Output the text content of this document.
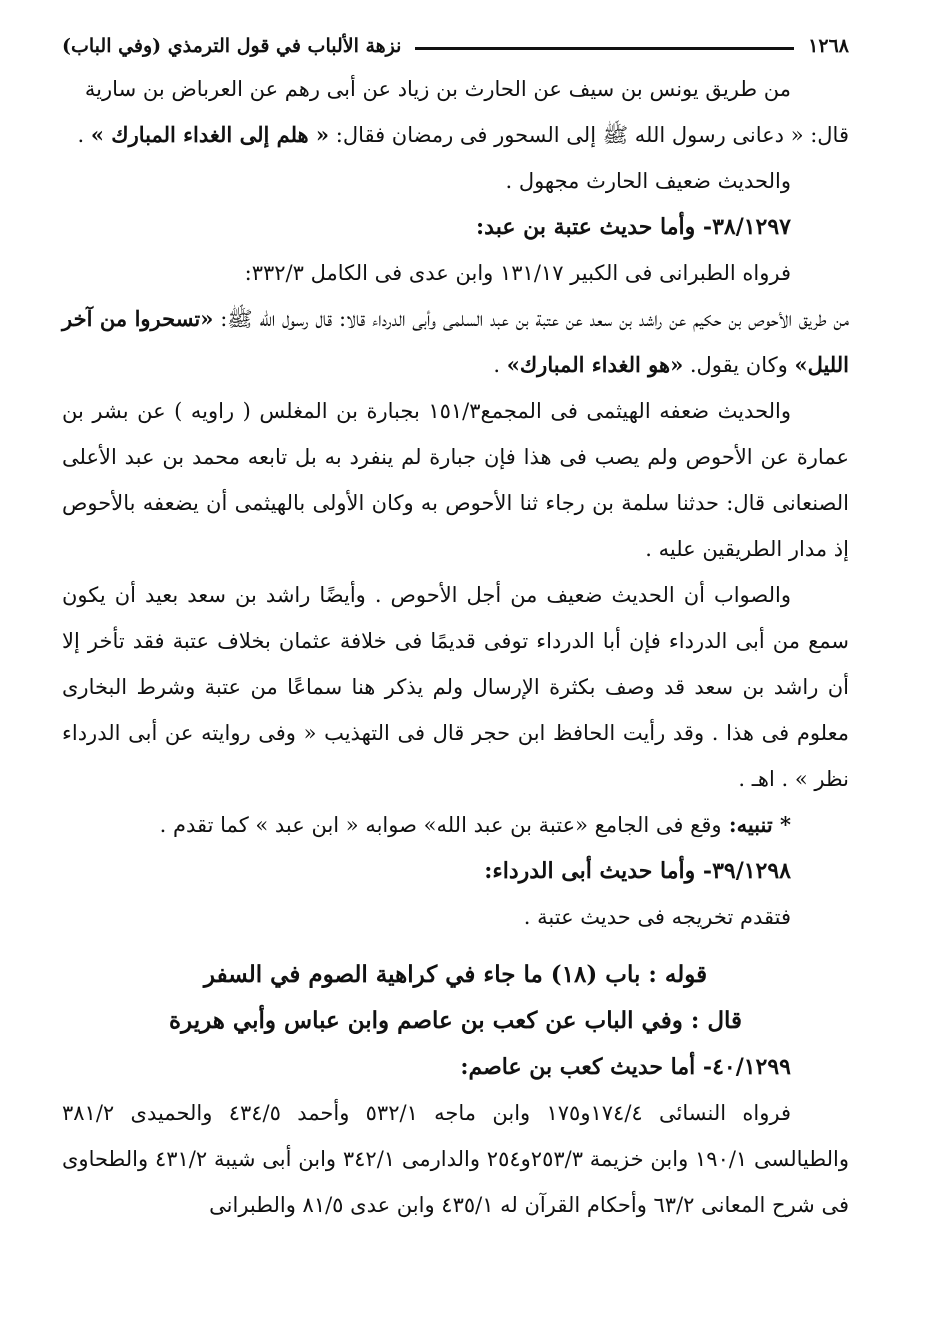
١٢٦٨
نزهة الألباب في قول الترمذي (وفي الباب)

من طريق يونس بن سيف عن الحارث بن زياد عن أبى رهم عن العرباض بن سارية

قال: « دعانى رسول الله ﷺ إلى السحور فى رمضان فقال: « هلم إلى الغداء المبارك » .

والحديث ضعيف الحارث مجهول .

٣٨/١٢٩٧- وأما حديث عتبة بن عبد:

فرواه الطبرانى فى الكبير ١٣١/١٧ وابن عدى فى الكامل ٣٣٢/٣:

من طريق الأحوص بن حكيم عن راشد بن سعد عن عتبة بن عبد السلمى وأبى الدرداء قالا: قال رسول الله ﷺ: «تسحروا من آخر الليل» وكان يقول. «هو الغداء المبارك» .

والحديث ضعفه الهيثمى فى المجمع١٥١/٣ بجبارة بن المغلس ( راويه ) عن بشر بن عمارة عن الأحوص ولم يصب فى هذا فإن جبارة لم ينفرد به بل تابعه محمد بن عبد الأعلى الصنعانى قال: حدثنا سلمة بن رجاء ثنا الأحوص به وكان الأولى بالهيثمى أن يضعفه بالأحوص إذ مدار الطريقين عليه .

والصواب أن الحديث ضعيف من أجل الأحوص . وأيضًا راشد بن سعد بعيد أن يكون سمع من أبى الدرداء فإن أبا الدرداء توفى قديمًا فى خلافة عثمان بخلاف عتبة فقد تأخر إلا أن راشد بن سعد قد وصف بكثرة الإرسال ولم يذكر هنا سماعًا من عتبة وشرط البخارى معلوم فى هذا . وقد رأيت الحافظ ابن حجر قال فى التهذيب « وفى روايته عن أبى الدرداء نظر » . اهـ .

* تنبيه: وقع فى الجامع «عتبة بن عبد الله» صوابه « ابن عبد » كما تقدم .

٣٩/١٢٩٨- وأما حديث أبى الدرداء:

فتقدم تخريجه فى حديث عتبة .

قوله : باب (١٨) ما جاء في كراهية الصوم في السفر

قال : وفي الباب عن كعب بن عاصم وابن عباس وأبي هريرة

٤٠/١٢٩٩- أما حديث كعب بن عاصم:

فرواه النسائى ١٧٤/٤و١٧٥ وابن ماجه ٥٣٢/١ وأحمد ٤٣٤/٥ والحميدى ٣٨١/٢ والطيالسى ١٩٠/١ وابن خزيمة ٢٥٣/٣و٢٥٤ والدارمى ٣٤٢/١ وابن أبى شيبة ٤٣١/٢ والطحاوى فى شرح المعانى ٦٣/٢ وأحكام القرآن له ٤٣٥/١ وابن عدى ٨١/٥ والطبرانى
